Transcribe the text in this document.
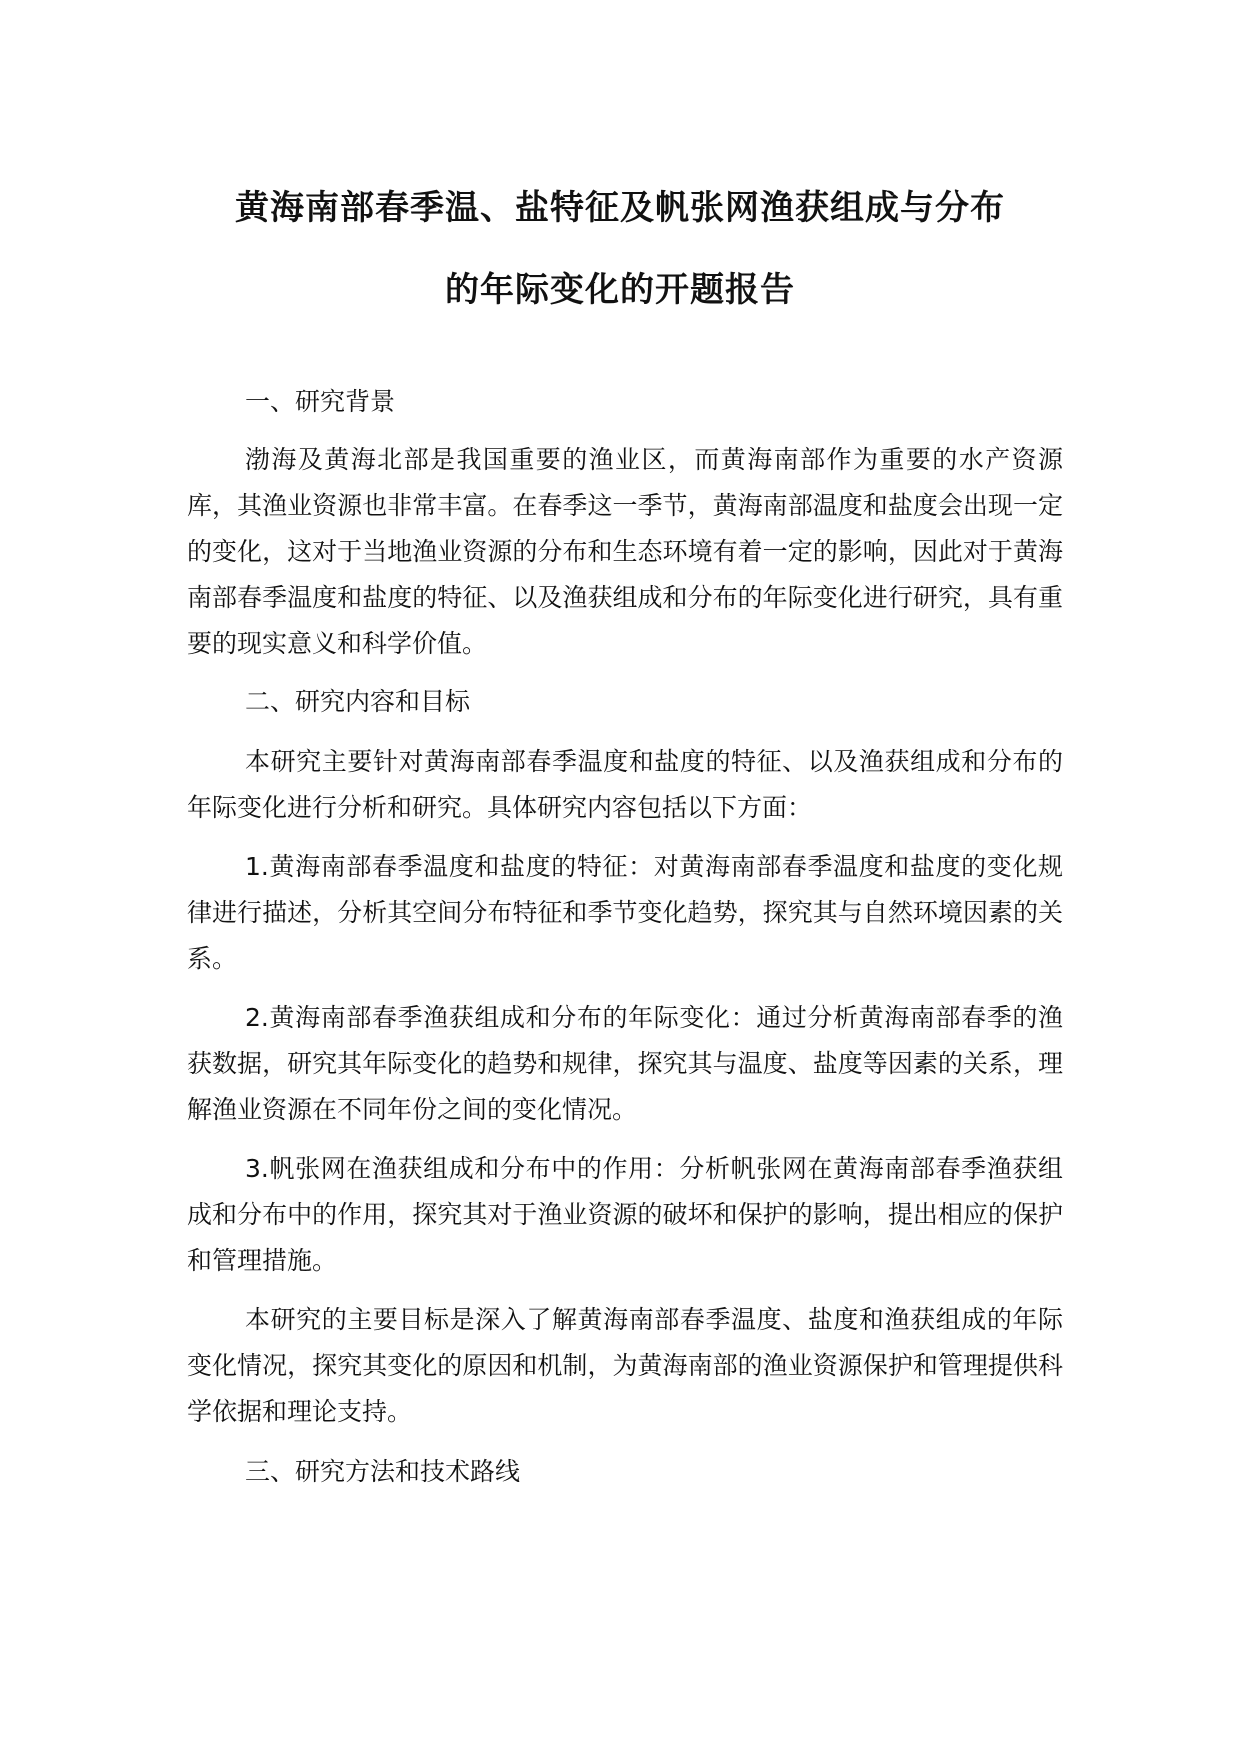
黄海南部春季温、盐特征及帆张网渔获组成与分布
的年际变化的开题报告
一、研究背景

渤海及黄海北部是我国重要的渔业区，而黄海南部作为重要的水产资源库，其渔业资源也非常丰富。在春季这一季节，黄海南部温度和盐度会出现一定的变化，这对于当地渔业资源的分布和生态环境有着一定的影响，因此对于黄海南部春季温度和盐度的特征、以及渔获组成和分布的年际变化进行研究，具有重要的现实意义和科学价值。

二、研究内容和目标

本研究主要针对黄海南部春季温度和盐度的特征、以及渔获组成和分布的年际变化进行分析和研究。具体研究内容包括以下方面：

1.黄海南部春季温度和盐度的特征：对黄海南部春季温度和盐度的变化规律进行描述，分析其空间分布特征和季节变化趋势，探究其与自然环境因素的关系。

2.黄海南部春季渔获组成和分布的年际变化：通过分析黄海南部春季的渔获数据，研究其年际变化的趋势和规律，探究其与温度、盐度等因素的关系，理解渔业资源在不同年份之间的变化情况。

3.帆张网在渔获组成和分布中的作用：分析帆张网在黄海南部春季渔获组成和分布中的作用，探究其对于渔业资源的破坏和保护的影响，提出相应的保护和管理措施。

本研究的主要目标是深入了解黄海南部春季温度、盐度和渔获组成的年际变化情况，探究其变化的原因和机制，为黄海南部的渔业资源保护和管理提供科学依据和理论支持。

三、研究方法和技术路线
